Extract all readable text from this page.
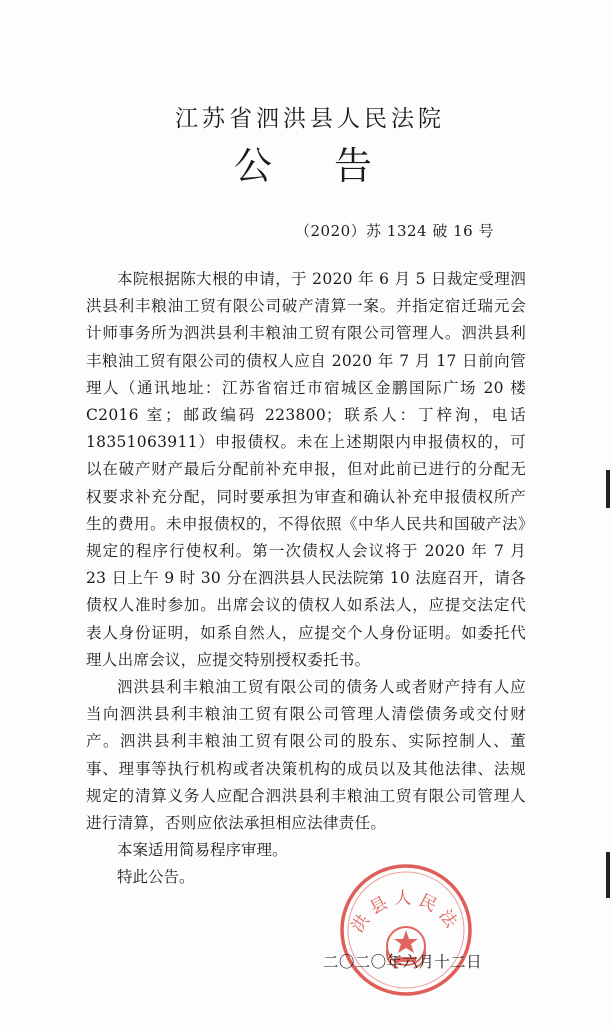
江苏省泗洪县人民法院
公告
（2020）苏 1324 破 16 号

本院根据陈大根的申请，于 2020 年 6 月 5 日裁定受理泗洪县利丰粮油工贸有限公司破产清算一案。并指定宿迁瑞元会计师事务所为泗洪县利丰粮油工贸有限公司管理人。泗洪县利丰粮油工贸有限公司的债权人应自 2020 年 7 月 17 日前向管理人（通讯地址：江苏省宿迁市宿城区金鹏国际广场 20 楼 C2016 室；邮政编码 223800；联系人：丁梓洵，电话 18351063911）申报债权。未在上述期限内申报债权的，可以在破产财产最后分配前补充申报，但对此前已进行的分配无权要求补充分配，同时要承担为审查和确认补充申报债权所产生的费用。未申报债权的，不得依照《中华人民共和国破产法》规定的程序行使权利。第一次债权人会议将于 2020 年 7 月 23 日上午 9 时 30 分在泗洪县人民法院第 10 法庭召开，请各债权人准时参加。出席会议的债权人如系法人，应提交法定代表人身份证明，如系自然人，应提交个人身份证明。如委托代理人出席会议，应提交特别授权委托书。

泗洪县利丰粮油工贸有限公司的债务人或者财产持有人应当向泗洪县利丰粮油工贸有限公司管理人清偿债务或交付财产。泗洪县利丰粮油工贸有限公司的股东、实际控制人、董事、理事等执行机构或者决策机构的成员以及其他法律、法规规定的清算义务人应配合泗洪县利丰粮油工贸有限公司管理人进行清算，否则应依法承担相应法律责任。

本案适用简易程序审理。

特此公告。

洪县人民法
二〇二〇年六月十二日
